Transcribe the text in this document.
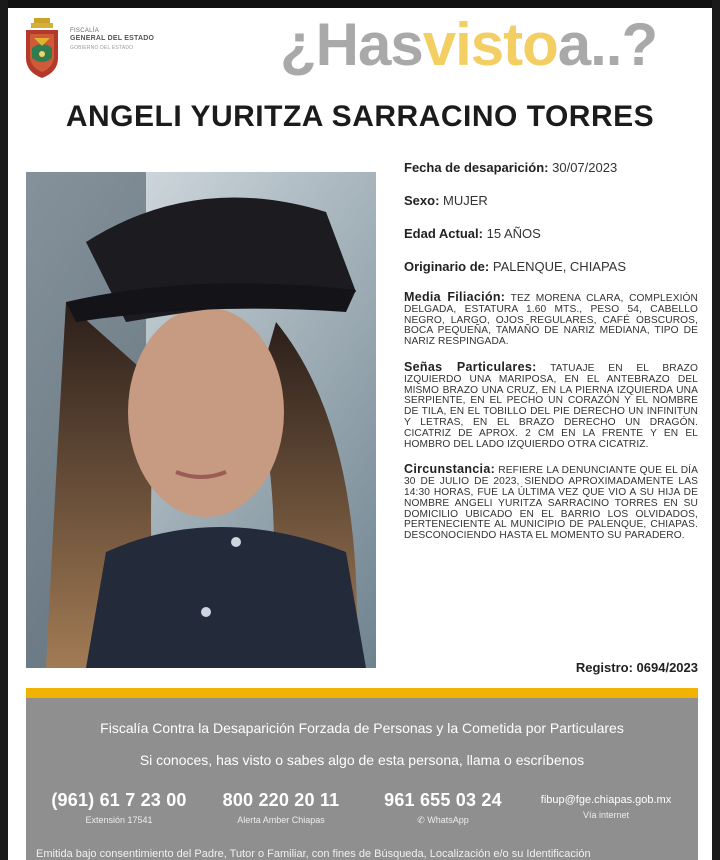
FISCALÍA
GENERAL DEL ESTADO
GOBIERNO DEL ESTADO	¿Hasvistoa..?
ANGELI YURITZA SARRACINO TORRES
Fecha de desaparición: 30/07/2023
Sexo: MUJER
Edad Actual: 15 AÑOS
Originario de: PALENQUE, CHIAPAS
Media Filiación: TEZ MORENA CLARA, COMPLEXIÓN DELGADA, ESTATURA 1.60 MTS., PESO 54, CABELLO NEGRO, LARGO, OJOS REGULARES, CAFÉ OBSCUROS, BOCA PEQUEÑA, TAMAÑO DE NARIZ MEDIANA, TIPO DE NARIZ RESPINGADA.
Señas Particulares: TATUAJE EN EL BRAZO IZQUIERDO UNA MARIPOSA, EN EL ANTEBRAZO DEL MISMO BRAZO UNA CRUZ, EN LA PIERNA IZQUIERDA UNA SERPIENTE, EN EL PECHO UN CORAZÓN Y EL NOMBRE DE TILA, EN EL TOBILLO DEL PIE DERECHO UN INFINITUN Y LETRAS, EN EL BRAZO DERECHO UN DRAGÓN. CICATRIZ DE APROX. 2 CM EN LA FRENTE Y EN EL HOMBRO DEL LADO IZQUIERDO OTRA CICATRIZ.
Circunstancia: REFIERE LA DENUNCIANTE QUE EL DÍA 30 DE JULIO DE 2023, SIENDO APROXIMADAMENTE LAS 14:30 HORAS, FUE LA ÚLTIMA VEZ QUE VIO A SU HIJA DE NOMBRE ANGELI YURITZA SARRACINO TORRES EN SU DOMICILIO UBICADO EN EL BARRIO LOS OLVIDADOS, PERTENECIENTE AL MUNICIPIO DE PALENQUE, CHIAPAS. DESCONOCIENDO HASTA EL MOMENTO SU PARADERO.
Registro: 0694/2023
Fiscalía Contra la Desaparición Forzada de Personas y la Cometida por Particulares
Si conoces, has visto o sabes algo de esta persona, llama o escríbenos
(961) 61 7 23 00
Extensión 17541
800 220 20 11
Alerta Amber Chiapas
961 655 03 24
✆ WhatsApp
fibup@fge.chiapas.gob.mx
Vía internet
Emitida bajo consentimiento del Padre, Tutor o Familiar, con fines de Búsqueda, Localización e/o su Identificación
